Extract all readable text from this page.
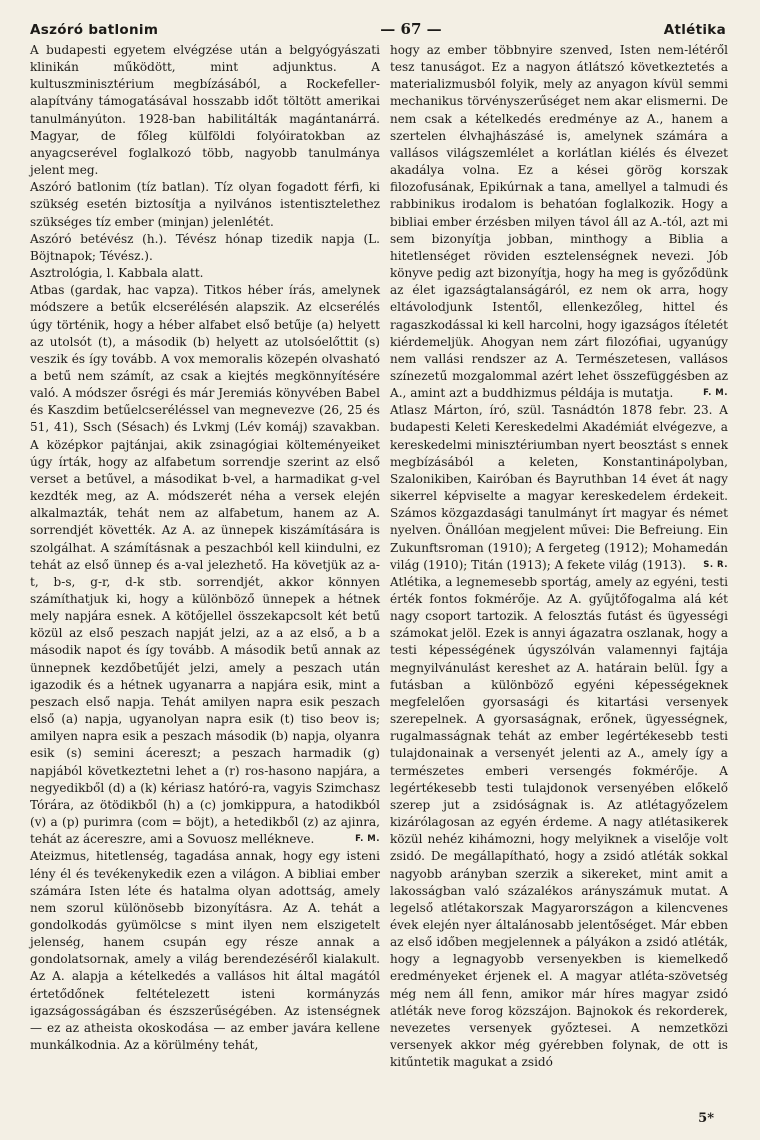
Aszóró batlonim	— 67 —	Atlétika

A budapesti egyetem elvégzése után a belgyógyászati klinikán működött, mint adjunktus. A kultuszminisztérium megbízásából, a Rockefeller-alapítvány támogatásával hosszabb időt töltött amerikai tanulmányúton. 1928-ban habilitálták magántanárrá. Magyar, de főleg külföldi folyóiratokban az anyagcserével foglalkozó több, nagyobb tanulmánya jelent meg.

Aszóró batlonim (tíz batlan). Tíz olyan fogadott férfi, ki szükség esetén biztosítja a nyilvános istentisztelethez szükséges tíz ember (minjan) jelenlétét.

Aszóró betévész (h.). Tévész hónap tizedik napja (L. Böjtnapok; Tévész.).

Asztrológia, l. Kabbala alatt.

Atbas (gardak, hac vapza). Titkos héber írás, amelynek módszere a betűk elcserélésén alapszik. Az elcserélés úgy történik, hogy a héber alfabet első betűje (a) helyett az utolsót (t), a második (b) helyett az utolsóelőttit (s) veszik és így tovább. A vox memoralis közepén olvasható a betű nem számít, az csak a kiejtés megkönnyítésére való. A módszer ősrégi és már Jeremiás könyvében Babel és Kaszdim betűelcseréléssel van megnevezve (26, 25 és 51, 41), Ssch (Sésach) és Lvkmj (Lév komáj) szavakban. A középkor pajtánjai, akik zsinagógiai költeményeiket úgy írták, hogy az alfabetum sorrendje szerint az első verset a betűvel, a másodikat b-vel, a harmadikat g-vel kezdték meg, az A. módszerét néha a versek elején alkalmazták, tehát nem az alfabetum, hanem az A. sorrendjét követték. Az A. az ünnepek kiszámítására is szolgálhat. A számításnak a peszachból kell kiindulni, ez tehát az első ünnep és a-val jelezhető. Ha követjük az a-t, b-s, g-r, d-k stb. sorrendjét, akkor könnyen számíthatjuk ki, hogy a különböző ünnepek a hétnek mely napjára esnek. A kötőjellel összekapcsolt két betű közül az első peszach napját jelzi, az a az első, a b a második napot és így tovább. A második betű annak az ünnepnek kezdőbetűjét jelzi, amely a peszach után igazodik és a hétnek ugyanarra a napjára esik, mint a peszach első napja. Tehát amilyen napra esik peszach első (a) napja, ugyanolyan napra esik (t) tiso beov is; amilyen napra esik a peszach második (b) napja, olyanra esik (s) semini ácereszt; a peszach harmadik (g) napjából következtetni lehet a (r) ros-hasono napjára, a negyedikből (d) a (k) kériasz hatóró-ra, vagyis Szimchasz Tórára, az ötödikből (h) a (c) jomkippura, a hatodikból (v) a (p) purimra (com = böjt), a hetedikből (z) az ajinra, tehát az ácereszre, ami a Sovuosz mellékneve.	F. M.

Ateizmus, hitetlenség, tagadása annak, hogy egy isteni lény él és tevékenykedik ezen a világon. A bibliai ember számára Isten léte és hatalma olyan adottság, amely nem szorul különösebb bizonyításra. Az A. tehát a gondolkodás gyümölcse s mint ilyen nem elszigetelt jelenség, hanem csupán egy része annak a gondolatsornak, amely a világ berendezéséről kialakult. Az A. alapja a kételkedés a vallásos hit által magától értetődőnek feltételezett isteni kormányzás igazságosságában és észszerűségében. Az istenségnek — ez az atheista okoskodása — az ember javára kellene munkálkodnia. Az a körülmény tehát,

hogy az ember többnyire szenved, Isten nem-létéről tesz tanuságot. Ez a nagyon átlátszó következtetés a materializmusból folyik, mely az anyagon kívül semmi mechanikus törvényszerűséget nem akar elismerni. De nem csak a kételkedés eredménye az A., hanem a szertelen élvhajhászásé is, amelynek számára a vallásos világszemlélet a korlátlan kiélés és élvezet akadálya volna. Ez a kései görög korszak filozofusának, Epikúrnak a tana, amellyel a talmudi és rabbinikus irodalom is behatóan foglalkozik. Hogy a bibliai ember érzésben milyen távol áll az A.-tól, azt mi sem bizonyítja jobban, minthogy a Biblia a hitetlenséget röviden esztelenségnek nevezi. Jób könyve pedig azt bizonyítja, hogy ha meg is győződünk az élet igazságtalanságáról, ez nem ok arra, hogy eltávolodjunk Istentől, ellenkezőleg, hittel és ragaszkodással ki kell harcolni, hogy igazságos ítéletét kiérdemeljük. Ahogyan nem zárt filozófiai, ugyanúgy nem vallási rendszer az A. Természetesen, vallásos színezetű mozgalommal azért lehet összefüggésben az A., amint azt a buddhizmus példája is mutatja.	F. M.

Atlasz Márton, író, szül. Tasnádtón 1878 febr. 23. A budapesti Keleti Kereskedelmi Akadémiát elvégezve, a kereskedelmi minisztériumban nyert beosztást s ennek megbízásából a keleten, Konstantinápolyban, Szalonikiben, Kairóban és Bayruthban 14 évet át nagy sikerrel képviselte a magyar kereskedelem érdekeit. Számos közgazdasági tanulmányt írt magyar és német nyelven. Önállóan megjelent művei: Die Befreiung. Ein Zukunftsroman (1910); A fergeteg (1912); Mohamedán világ (1910); Titán (1913); A fekete világ (1913). S. R.

Atlétika, a legnemesebb sportág, amely az egyéni, testi érték fontos fokmérője. Az A. gyűjtőfogalma alá két nagy csoport tartozik. A felosztás futást és ügyességi számokat jelöl. Ezek is annyi ágazatra oszlanak, hogy a testi képességének úgyszólván valamennyi fajtája megnyilvánulást kereshet az A. határain belül. Így a futásban a különböző egyéni képességeknek megfelelően gyorsasági és kitartási versenyek szerepelnek. A gyorsaságnak, erőnek, ügyességnek, rugalmasságnak tehát az ember legértékesebb testi tulajdonainak a versenyét jelenti az A., amely így a természetes emberi versengés fokmérője. A legértékesebb testi tulajdonok versenyében előkelő szerep jut a zsidóságnak is. Az atlétagyőzelem kizárólagosan az egyén érdeme. A nagy atlétasikerek közül nehéz kihámozni, hogy melyiknek a viselője volt zsidó. De megállapítható, hogy a zsidó atléták sokkal nagyobb arányban szerzik a sikereket, mint amit a lakosságban való százalékos arányszámuk mutat. A legelső atlétakorszak Magyarországon a kilencvenes évek elején nyer általánosabb jelentőséget. Már ebben az első időben megjelennek a pályákon a zsidó atléták, hogy a legnagyobb versenyekben is kiemelkedő eredményeket érjenek el. A magyar atléta-szövetség még nem áll fenn, amikor már híres magyar zsidó atléták neve forog közszájon. Bajnokok és rekorderek, nevezetes versenyek győztesei. A nemzetközi versenyek akkor még gyérebben folynak, de ott is kitűntetik magukat a zsidó

5*
